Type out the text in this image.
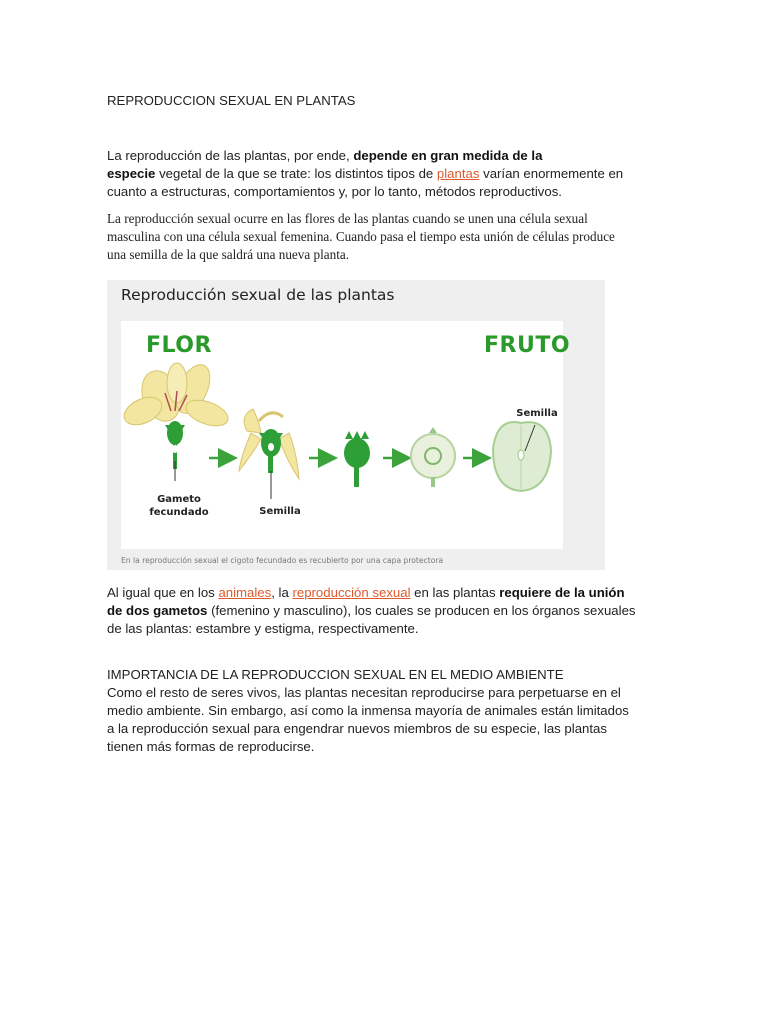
REPRODUCCION SEXUAL EN PLANTAS
La reproducción de las plantas, por ende, depende en gran medida de la
especie vegetal de la que se trate: los distintos tipos de plantas varían enormemente en
cuanto a estructuras, comportamientos y, por lo tanto, métodos reproductivos.
La reproducción sexual ocurre en las flores de las plantas cuando se unen una célula sexual
masculina con una célula sexual femenina. Cuando pasa el tiempo esta unión de células produce
una semilla de la que saldrá una nueva planta.
Reproducción sexual de las plantas
FLOR	FRUTO
Gameto
fecundado	Semilla
Semilla
En la reproducción sexual el cigoto fecundado es recubierto por una capa protectora
Al igual que en los animales, la reproducción sexual en las plantas requiere de la unión
de dos gametos (femenino y masculino), los cuales se producen en los órganos sexuales
de las plantas: estambre y estigma, respectivamente.
IMPORTANCIA DE LA REPRODUCCION SEXUAL EN EL MEDIO AMBIENTE
Como el resto de seres vivos, las plantas necesitan reproducirse para perpetuarse en el
medio ambiente. Sin embargo, así como la inmensa mayoría de animales están limitados
a la reproducción sexual para engendrar nuevos miembros de su especie, las plantas
tienen más formas de reproducirse.
